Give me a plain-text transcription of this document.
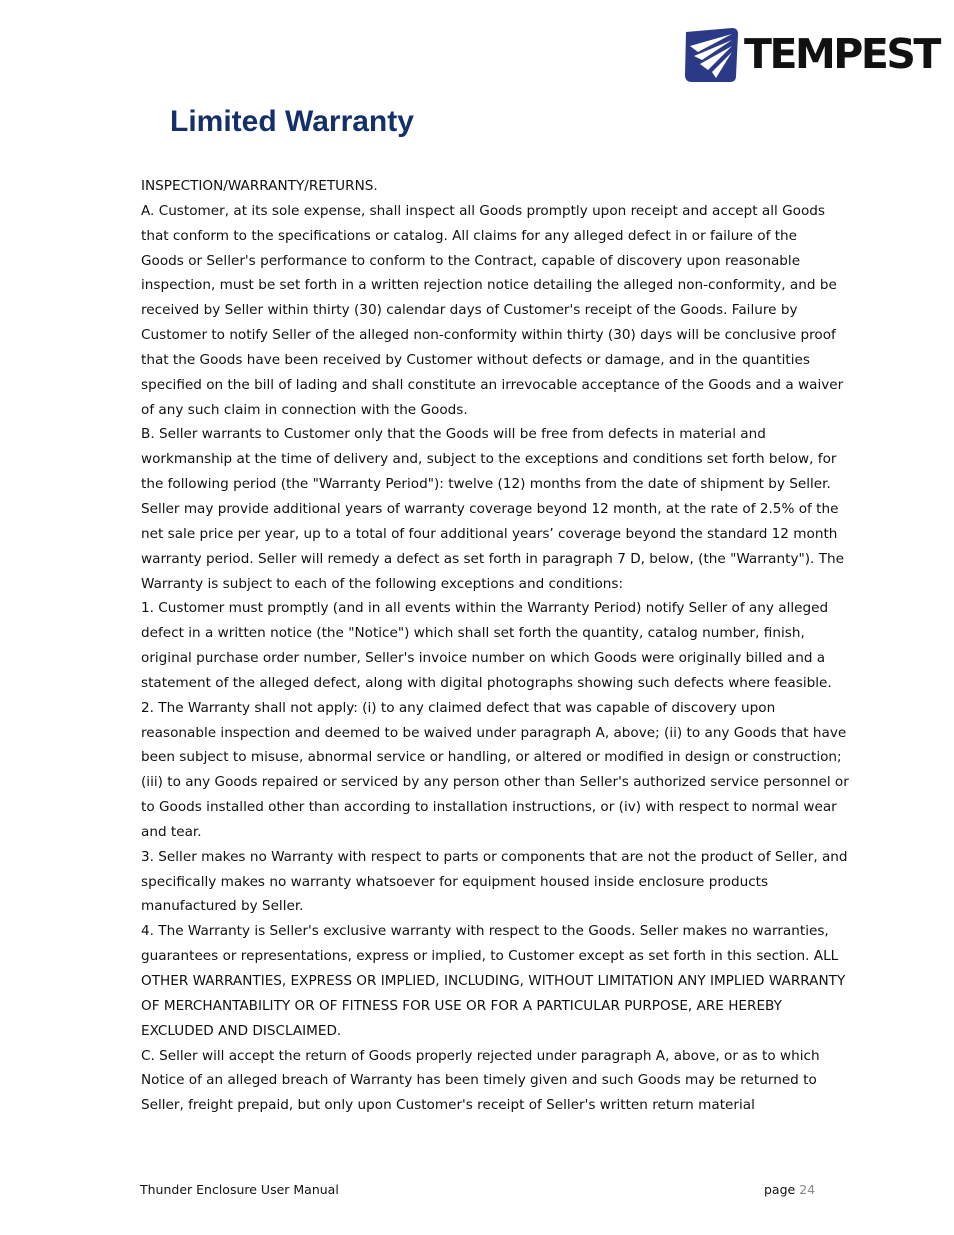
TEMPEST
Limited Warranty

INSPECTION/WARRANTY/RETURNS.

A. Customer, at its sole expense, shall inspect all Goods promptly upon receipt and accept all Goods

that conform to the specifications or catalog. All claims for any alleged defect in or failure of the

Goods or Seller's performance to conform to the Contract, capable of discovery upon reasonable

inspection, must be set forth in a written rejection notice detailing the alleged non-conformity, and be

received by Seller within thirty (30) calendar days of Customer's receipt of the Goods. Failure by

Customer to notify Seller of the alleged non-conformity within thirty (30) days will be conclusive proof

that the Goods have been received by Customer without defects or damage, and in the quantities

specified on the bill of lading and shall constitute an irrevocable acceptance of the Goods and a waiver

of any such claim in connection with the Goods.

B. Seller warrants to Customer only that the Goods will be free from defects in material and

workmanship at the time of delivery and, subject to the exceptions and conditions set forth below, for

the following period (the "Warranty Period"): twelve (12) months from the date of shipment by Seller.

Seller may provide additional years of warranty coverage beyond 12 month, at the rate of 2.5% of the

net sale price per year, up to a total of four additional years’ coverage beyond the standard 12 month

warranty period. Seller will remedy a defect as set forth in paragraph 7 D, below, (the "Warranty"). The

Warranty is subject to each of the following exceptions and conditions:

1. Customer must promptly (and in all events within the Warranty Period) notify Seller of any alleged

defect in a written notice (the "Notice") which shall set forth the quantity, catalog number, finish,

original purchase order number, Seller's invoice number on which Goods were originally billed and a

statement of the alleged defect, along with digital photographs showing such defects where feasible.

2. The Warranty shall not apply: (i) to any claimed defect that was capable of discovery upon

reasonable inspection and deemed to be waived under paragraph A, above; (ii) to any Goods that have

been subject to misuse, abnormal service or handling, or altered or modified in design or construction;

(iii) to any Goods repaired or serviced by any person other than Seller's authorized service personnel or

to Goods installed other than according to installation instructions, or (iv) with respect to normal wear

and tear.

3. Seller makes no Warranty with respect to parts or components that are not the product of Seller, and

specifically makes no warranty whatsoever for equipment housed inside enclosure products

manufactured by Seller.

4. The Warranty is Seller's exclusive warranty with respect to the Goods. Seller makes no warranties,

guarantees or representations, express or implied, to Customer except as set forth in this section. ALL

OTHER WARRANTIES, EXPRESS OR IMPLIED, INCLUDING, WITHOUT LIMITATION ANY IMPLIED WARRANTY

OF MERCHANTABILITY OR OF FITNESS FOR USE OR FOR A PARTICULAR PURPOSE, ARE HEREBY

EXCLUDED AND DISCLAIMED.

C. Seller will accept the return of Goods properly rejected under paragraph A, above, or as to which

Notice of an alleged breach of Warranty has been timely given and such Goods may be returned to

Seller, freight prepaid, but only upon Customer's receipt of Seller's written return material

Thunder Enclosure User Manual	page 24
